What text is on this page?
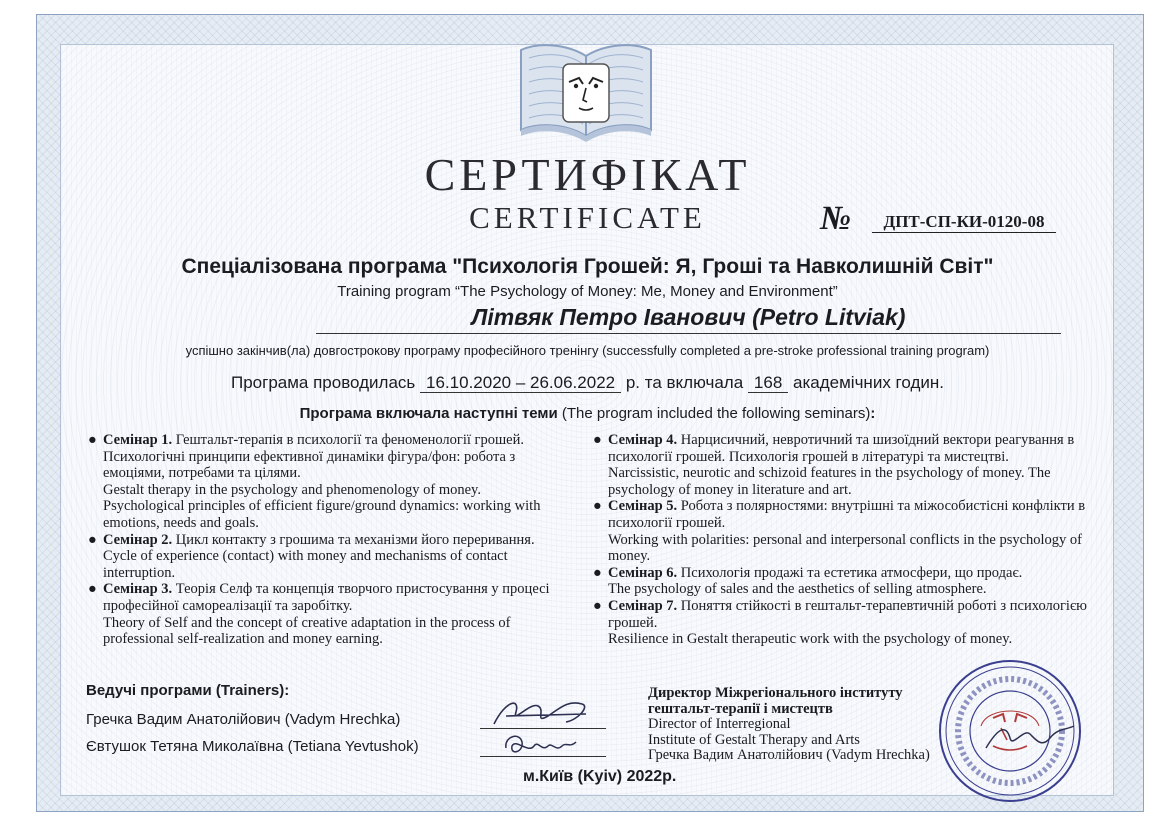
СЕРТИФІКАТ
CERTIFICATE	№	ДПТ-СП-КИ-0120-08
Спеціалізована програма "Психологія Грошей: Я, Гроші та Навколишній Світ"
Training program “The Psychology of Money: Me, Money and Environment”
Літвяк Петро Іванович (Petro Litviak)
успішно закінчив(ла) довгострокову програму професійного тренінгу (successfully completed a pre-stroke professional training program)
Програма проводилась 16.10.2020 – 26.06.2022 р. та включала 168 академічних годин.
Програма включала наступні теми (The program included the following seminars):

● Семінар 1. Гештальт-терапія в психології та феноменології грошей. Психологічні принципи ефективної динаміки фігура/фон: робота з емоціями, потребами та цілями.
Gestalt therapy in the psychology and phenomenology of money. Psychological principles of efficient figure/ground dynamics: working with emotions, needs and goals.

● Семінар 2. Цикл контакту з грошима та механізми його переривання.
Cycle of experience (contact) with money and mechanisms of contact interruption.

● Семінар 3. Теорія Селф та концепція творчого пристосування у процесі професійної самореалізації та заробітку.
Theory of Self and the concept of creative adaptation in the process of professional self-realization and money earning.

● Семінар 4. Нарцисичний, невротичний та шизоїдний вектори реагування в психології грошей. Психологія грошей в літературі та мистецтві.
Narcissistic, neurotic and schizoid features in the psychology of money. The psychology of money in literature and art.

● Семінар 5. Робота з полярностями: внутрішні та міжособистісні конфлікти в психології грошей.
Working with polarities: personal and interpersonal conflicts in the psychology of money.

● Семінар 6. Психологія продажі та естетика атмосфери, що продає.
The psychology of sales and the aesthetics of selling atmosphere.

● Семінар 7. Поняття стійкості в гештальт-терапевтичній роботі з психологією грошей.
Resilience in Gestalt therapeutic work with the psychology of money.

Ведучі програми (Trainers):
Гречка Вадим Анатолійович (Vadym Hrechka)
Євтушок Тетяна Миколаївна (Tetiana Yevtushok)
Директор Міжрегіонального інституту
гештальт-терапії і мистецтв
Director of Interregional
Institute of Gestalt Therapy and Arts
Гречка Вадим Анатолійович (Vadym Hrechka)
м.Київ (Kyiv) 2022р.
